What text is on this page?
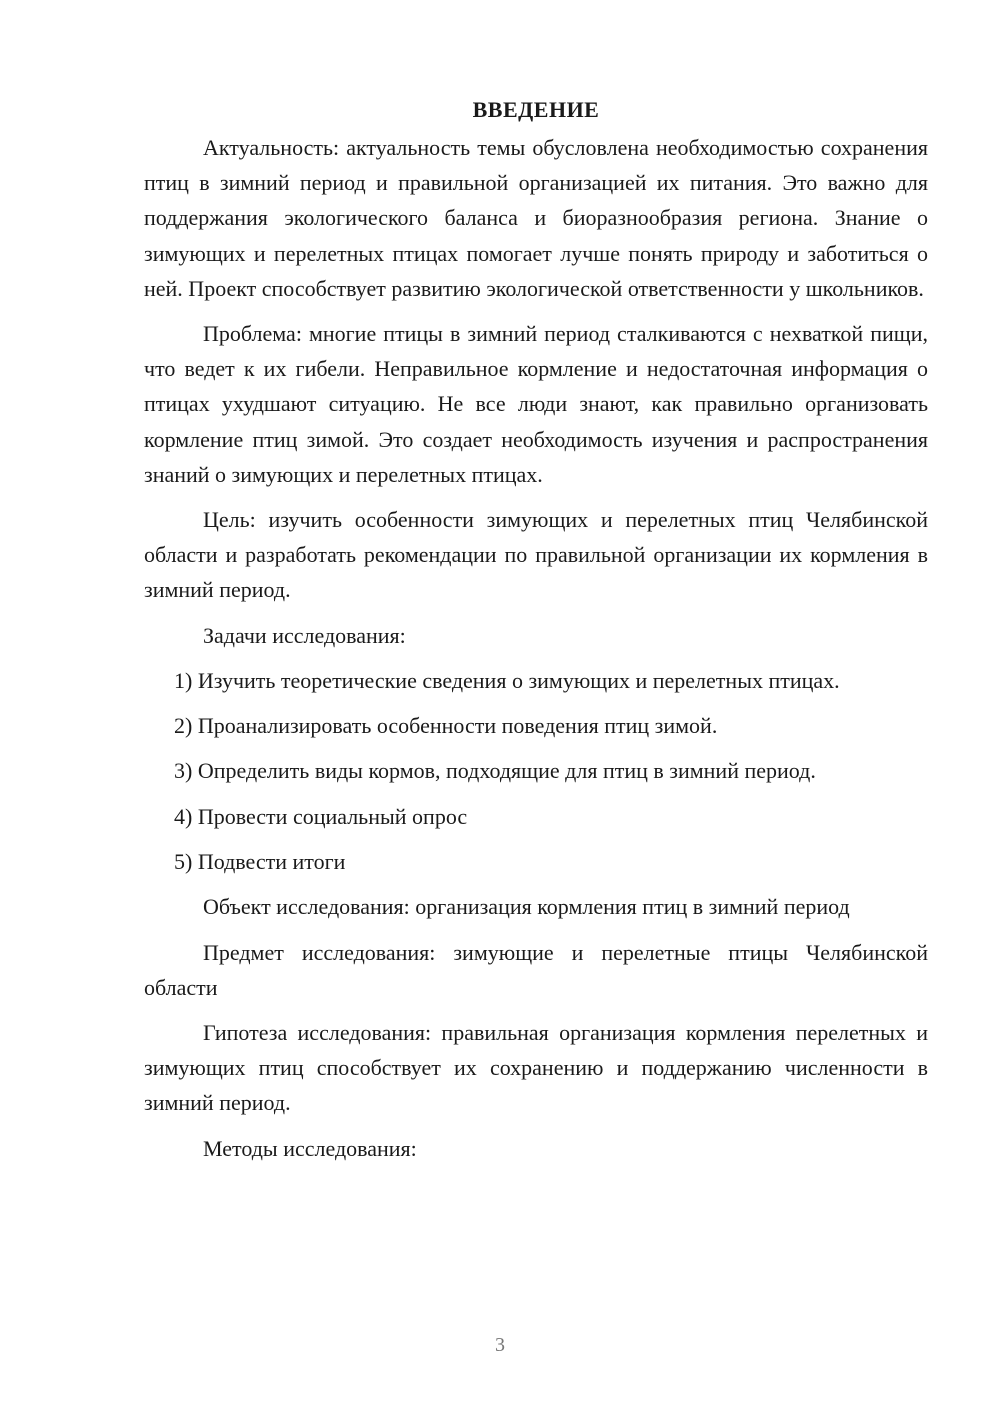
ВВЕДЕНИЕ

Актуальность: актуальность темы обусловлена необходимостью сохранения птиц в зимний период и правильной организацией их питания. Это важно для поддержания экологического баланса и биоразнообразия региона. Знание о зимующих и перелетных птицах помогает лучше понять природу и заботиться о ней. Проект способствует развитию экологической ответственности у школьников.

Проблема: многие птицы в зимний период сталкиваются с нехваткой пищи, что ведет к их гибели. Неправильное кормление и недостаточная информация о птицах ухудшают ситуацию. Не все люди знают, как правильно организовать кормление птиц зимой. Это создает необходимость изучения и распространения знаний о зимующих и перелетных птицах.

Цель: изучить особенности зимующих и перелетных птиц Челябинской области и разработать рекомендации по правильной организации их кормления в зимний период.

Задачи исследования:

1) Изучить теоретические сведения о зимующих и перелетных птицах.
2) Проанализировать особенности поведения птиц зимой.
3) Определить виды кормов, подходящие для птиц в зимний период.
4) Провести социальный опрос
5) Подвести итоги

Объект исследования: организация кормления птиц в зимний период

Предмет исследования: зимующие и перелетные птицы Челябинской области

Гипотеза исследования: правильная организация кормления перелетных и зимующих птиц способствует их сохранению и поддержанию численности в зимний период.

Методы исследования:

3
